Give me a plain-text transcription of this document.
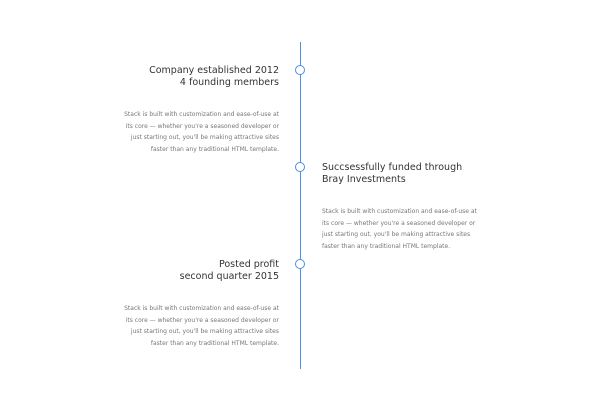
Company established 2012
4 founding members

Stack is built with customization and ease-of-use at its core — whether you're a seasoned developer or just starting out, you'll be making attractive sites faster than any traditional HTML template.

Succsessfully funded through
Bray Investments

Stack is built with customization and ease-of-use at its core — whether you're a seasoned developer or just starting out, you'll be making attractive sites faster than any traditional HTML template.

Posted profit
second quarter 2015

Stack is built with customization and ease-of-use at its core — whether you're a seasoned developer or just starting out, you'll be making attractive sites faster than any traditional HTML template.
